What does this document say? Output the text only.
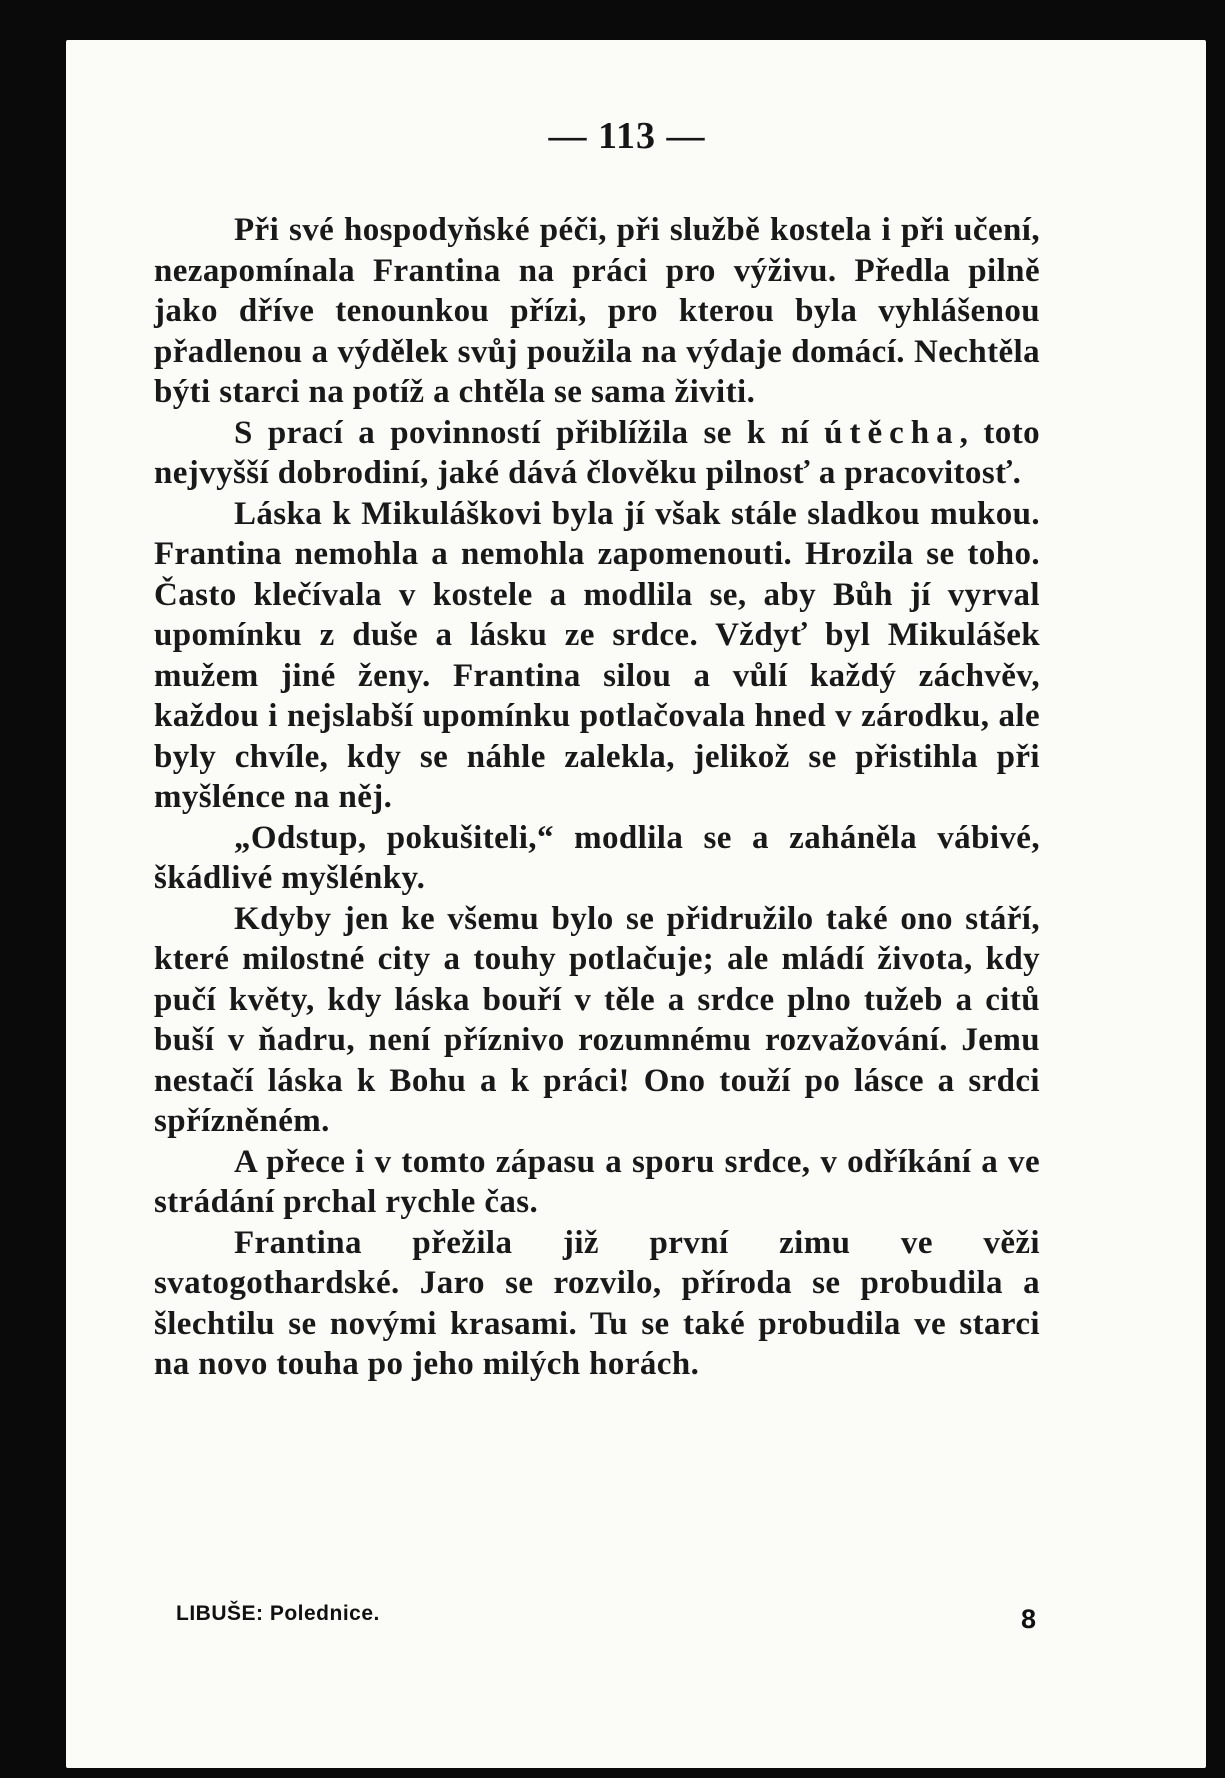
— 113 —

Při své hospodyňské péči, při službě kostela i při učení, nezapomínala Frantina na práci pro výživu. Předla pilně jako dříve tenounkou přízi, pro kterou byla vyhlášenou přadlenou a výdělek svůj použila na výdaje domácí. Nechtěla býti starci na potíž a chtěla se sama živiti.

S prací a povinností přiblížila se k ní útěcha, toto nejvyšší dobrodiní, jaké dává člověku pilnosť a pracovitosť.

Láska k Mikuláškovi byla jí však stále sladkou mukou. Frantina nemohla a nemohla zapomenouti. Hrozila se toho. Často klečívala v kostele a modlila se, aby Bůh jí vyrval upomínku z duše a lásku ze srdce. Vždyť byl Mikulášek mužem jiné ženy. Frantina silou a vůlí každý záchvěv, každou i nejslabší upomínku potlačovala hned v zárodku, ale byly chvíle, kdy se náhle zalekla, jelikož se přistihla při myšlénce na něj.

„Odstup, pokušiteli,“ modlila se a zaháněla vábivé, škádlivé myšlénky.

Kdyby jen ke všemu bylo se přidružilo také ono stáří, které milostné city a touhy potlačuje; ale mládí života, kdy pučí květy, kdy láska bouří v těle a srdce plno tužeb a citů buší v ňadru, není příznivo rozumnému rozvažování. Jemu nestačí láska k Bohu a k práci! Ono touží po lásce a srdci spřízněném.

A přece i v tomto zápasu a sporu srdce, v odříkání a ve strádání prchal rychle čas.

Frantina přežila již první zimu ve věži svatogothardské. Jaro se rozvilo, příroda se probudila a šlechtilu se novými krasami. Tu se také probudila ve starci na novo touha po jeho milých horách.

LIBUŠE: Polednice.	8
